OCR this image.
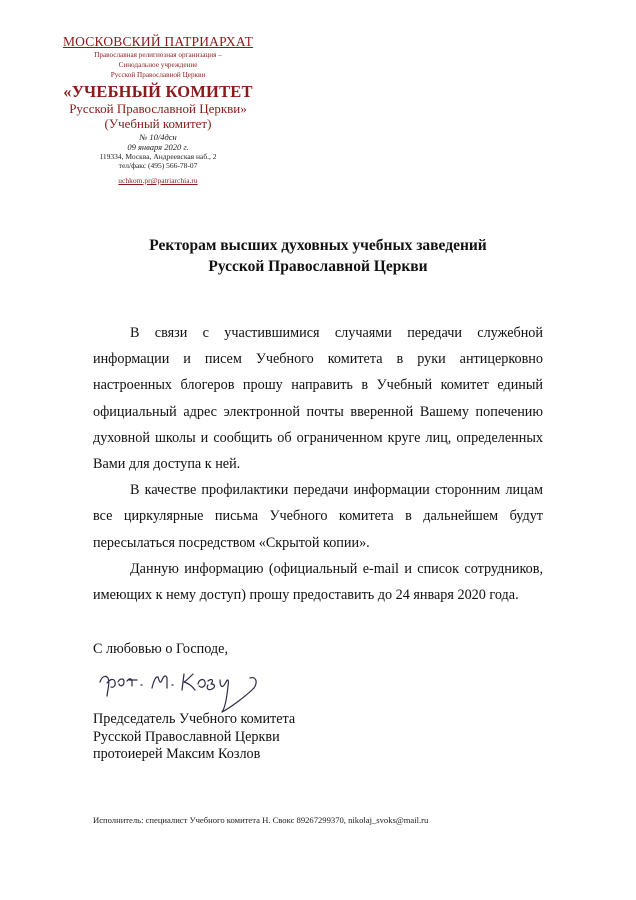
МОСКОВСКИЙ ПАТРИАРХАТ
Православная религиозная организация –
Синодальное учреждение
Русской Православной Церкви
«УЧЕБНЫЙ КОМИТЕТ
Русской Православной Церкви»
(Учебный комитет)
№ 10/4дсн
09 января 2020 г.
119334, Москва, Андреевская наб., 2
тел/факс (495) 566-78-07
uchkom.pr@patriarchia.ru
Ректорам высших духовных учебных заведений
Русской Православной Церкви

В связи с участившимися случаями передачи служебной информации и писем Учебного комитета в руки антицерковно настроенных блогеров прошу направить в Учебный комитет единый официальный адрес электронной почты вверенной Вашему попечению духовной школы и сообщить об ограниченном круге лиц, определенных Вами для доступа к ней.

В качестве профилактики передачи информации сторонним лицам все циркулярные письма Учебного комитета в дальнейшем будут пересылаться посредством «Скрытой копии».

Данную информацию (официальный e-mail и список сотрудников, имеющих к нему доступ) прошу предоставить до 24 января 2020 года.

С любовью о Господе,
Председатель Учебного комитета
Русской Православной Церкви
протоиерей Максим Козлов
Исполнитель: специалист Учебного комитета Н. Свокс 89267299370, nikolaj_svoks@mail.ru
